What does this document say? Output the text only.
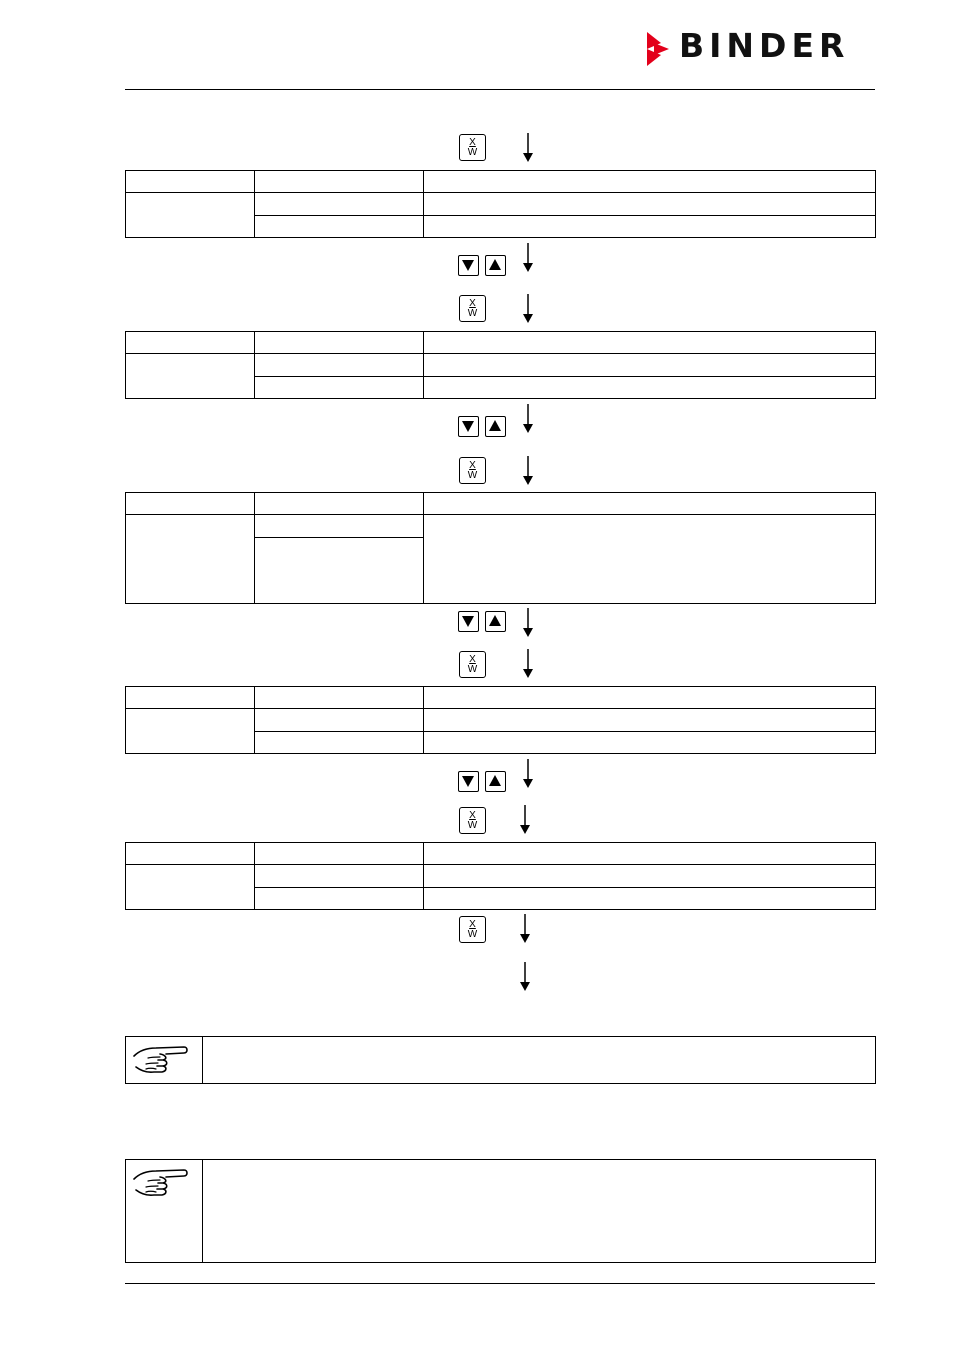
BINDER
X
W

X
W

X
W

X
W

X
W

X
W
